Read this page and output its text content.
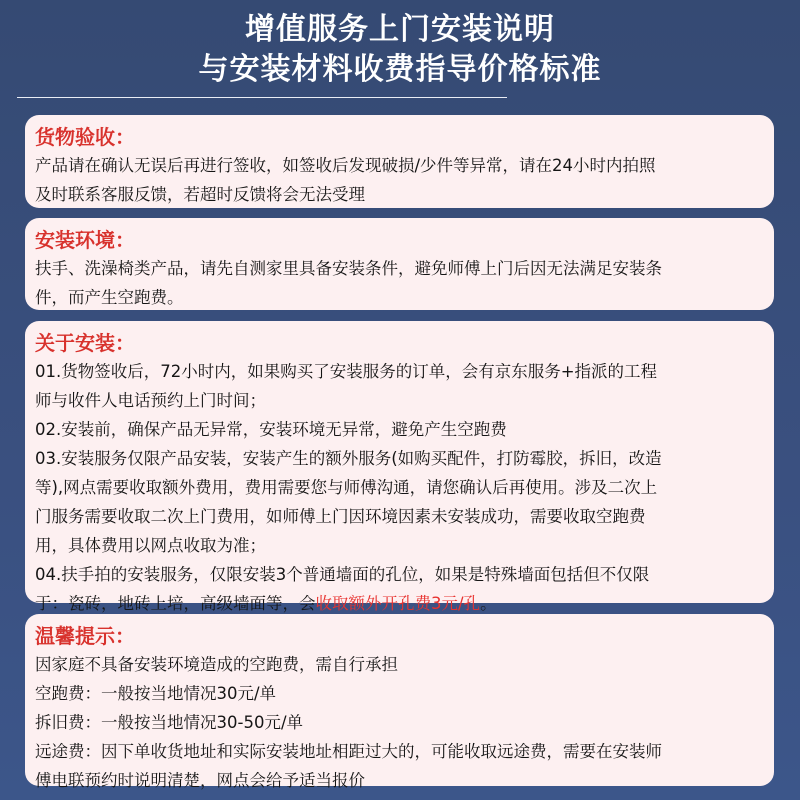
增值服务上门安装说明
与安装材料收费指导价格标准
货物验收：
产品请在确认无误后再进行签收，如签收后发现破损/少件等异常，请在24小时内拍照
及时联系客服反馈，若超时反馈将会无法受理
安装环境：
扶手、洗澡椅类产品，请先自测家里具备安装条件，避免师傅上门后因无法满足安装条
件，而产生空跑费。
关于安装：
01.货物签收后，72小时内，如果购买了安装服务的订单，会有京东服务+指派的工程
师与收件人电话预约上门时间；
02.安装前，确保产品无异常，安装环境无异常，避免产生空跑费
03.安装服务仅限产品安装，安装产生的额外服务(如购买配件，打防霉胶，拆旧，改造
等),网点需要收取额外费用，费用需要您与师傅沟通，请您确认后再使用。涉及二次上
门服务需要收取二次上门费用，如师傅上门因环境因素未安装成功，需要收取空跑费
用，具体费用以网点收取为准；
04.扶手拍的安装服务，仅限安装3个普通墙面的孔位，如果是特殊墙面包括但不仅限
于：瓷砖，地砖上培，高级墙面等，会收取额外开孔费3元/孔。
温馨提示：
因家庭不具备安装环境造成的空跑费，需自行承担
空跑费：一般按当地情况30元/单
拆旧费：一般按当地情况30-50元/单
远途费：因下单收货地址和实际安装地址相距过大的，可能收取远途费，需要在安装师
傅电联预约时说明清楚，网点会给予适当报价
